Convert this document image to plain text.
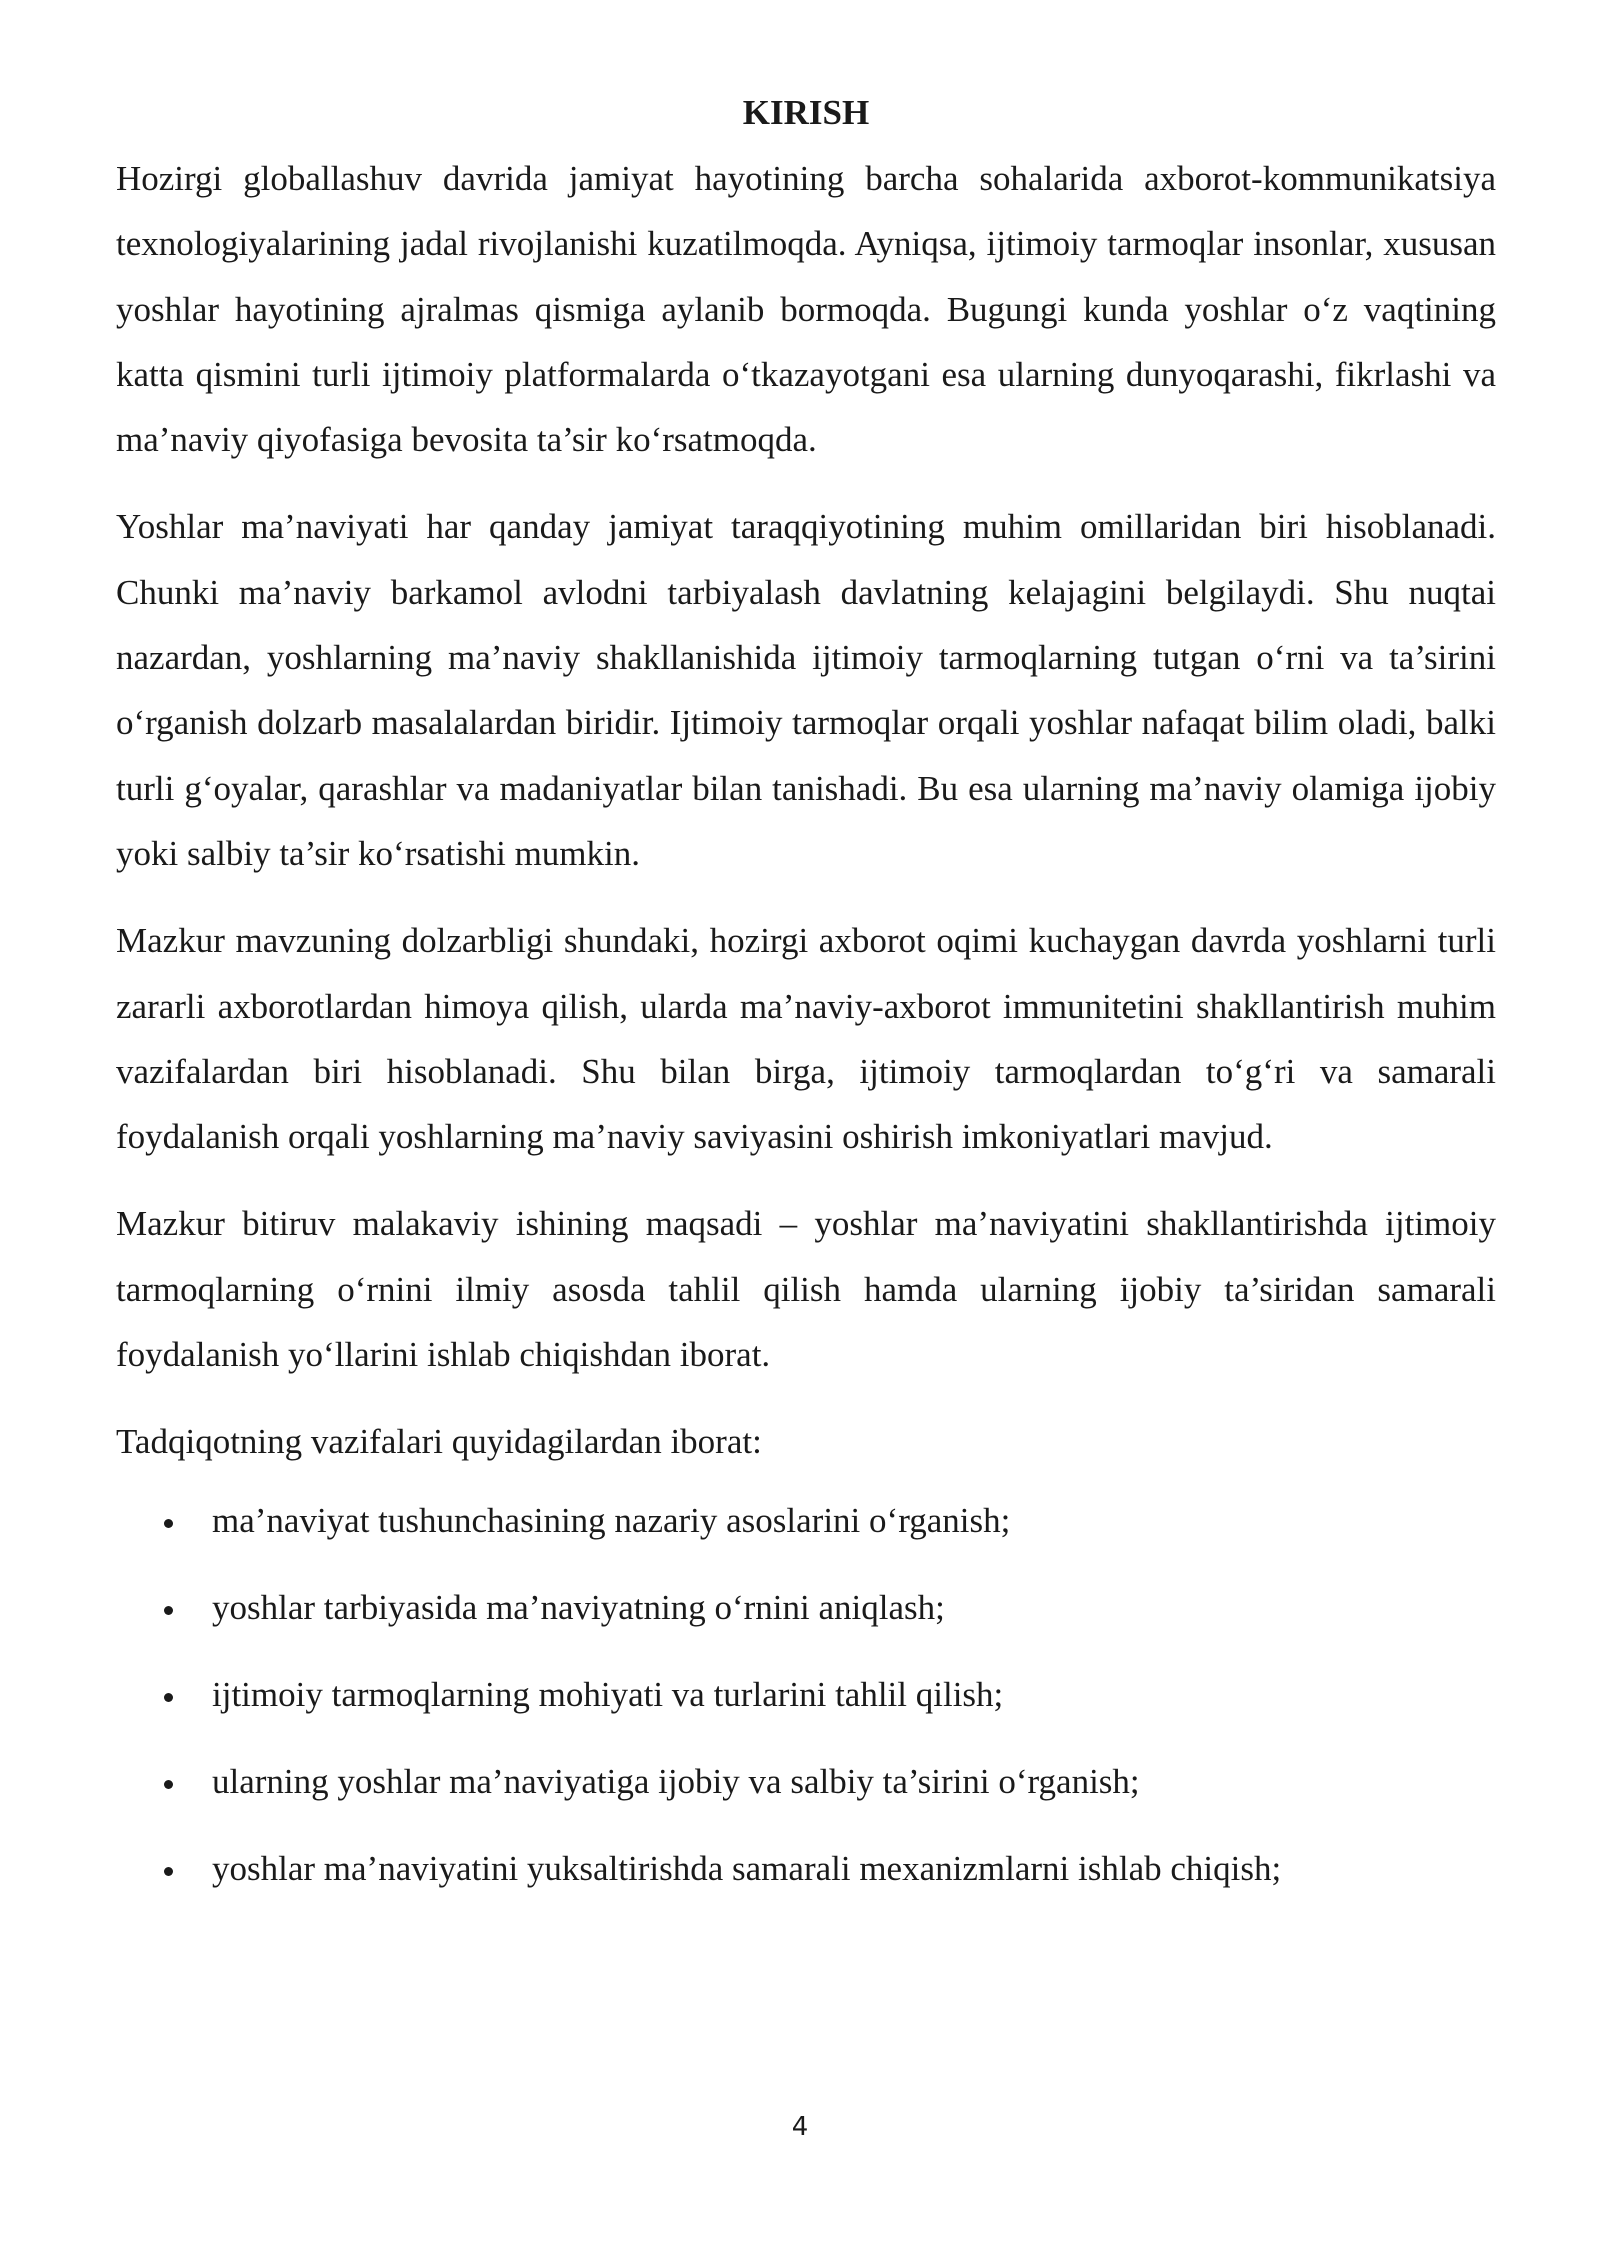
KIRISH

Hozirgi globallashuv davrida jamiyat hayotining barcha sohalarida axborot-kommunikatsiya texnologiyalarining jadal rivojlanishi kuzatilmoqda. Ayniqsa, ijtimoiy tarmoqlar insonlar, xususan yoshlar hayotining ajralmas qismiga aylanib bormoqda. Bugungi kunda yoshlar o‘z vaqtining katta qismini turli ijtimoiy platformalarda o‘tkazayotgani esa ularning dunyoqarashi, fikrlashi va ma’naviy qiyofasiga bevosita ta’sir ko‘rsatmoqda.

Yoshlar ma’naviyati har qanday jamiyat taraqqiyotining muhim omillaridan biri hisoblanadi. Chunki ma’naviy barkamol avlodni tarbiyalash davlatning kelajagini belgilaydi. Shu nuqtai nazardan, yoshlarning ma’naviy shakllanishida ijtimoiy tarmoqlarning tutgan o‘rni va ta’sirini o‘rganish dolzarb masalalardan biridir. Ijtimoiy tarmoqlar orqali yoshlar nafaqat bilim oladi, balki turli g‘oyalar, qarashlar va madaniyatlar bilan tanishadi. Bu esa ularning ma’naviy olamiga ijobiy yoki salbiy ta’sir ko‘rsatishi mumkin.

Mazkur mavzuning dolzarbligi shundaki, hozirgi axborot oqimi kuchaygan davrda yoshlarni turli zararli axborotlardan himoya qilish, ularda ma’naviy-axborot immunitetini shakllantirish muhim vazifalardan biri hisoblanadi. Shu bilan birga, ijtimoiy tarmoqlardan to‘g‘ri va samarali foydalanish orqali yoshlarning ma’naviy saviyasini oshirish imkoniyatlari mavjud.

Mazkur bitiruv malakaviy ishining maqsadi – yoshlar ma’naviyatini shakllantirishda ijtimoiy tarmoqlarning o‘rnini ilmiy asosda tahlil qilish hamda ularning ijobiy ta’siridan samarali foydalanish yo‘llarini ishlab chiqishdan iborat.

Tadqiqotning vazifalari quyidagilardan iborat:

ma’naviyat tushunchasining nazariy asoslarini o‘rganish;
yoshlar tarbiyasida ma’naviyatning o‘rnini aniqlash;
ijtimoiy tarmoqlarning mohiyati va turlarini tahlil qilish;
ularning yoshlar ma’naviyatiga ijobiy va salbiy ta’sirini o‘rganish;
yoshlar ma’naviyatini yuksaltirishda samarali mexanizmlarni ishlab chiqish;
4
